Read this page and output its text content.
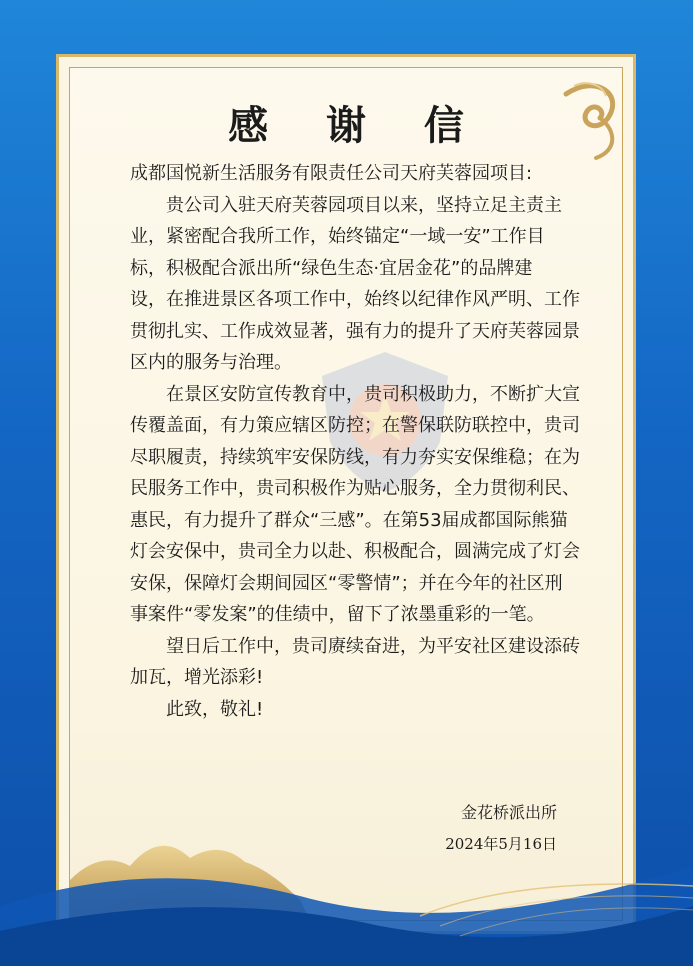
感 谢 信
成都国悦新生活服务有限责任公司天府芙蓉园项目:
贵公司入驻天府芙蓉园项目以来，坚持立足主责主
业，紧密配合我所工作，始终锚定“一域一安”工作目
标，积极配合派出所“绿色生态·宜居金花”的品牌建
设，在推进景区各项工作中，始终以纪律作风严明、工作
贯彻扎实、工作成效显著，强有力的提升了天府芙蓉园景
区内的服务与治理。
在景区安防宣传教育中，贵司积极助力，不断扩大宣
传覆盖面，有力策应辖区防控；在警保联防联控中，贵司
尽职履责，持续筑牢安保防线，有力夯实安保维稳；在为
民服务工作中，贵司积极作为贴心服务，全力贯彻利民、
惠民，有力提升了群众“三感”。在第53届成都国际熊猫
灯会安保中，贵司全力以赴、积极配合，圆满完成了灯会
安保，保障灯会期间园区“零警情”；并在今年的社区刑
事案件“零发案”的佳绩中，留下了浓墨重彩的一笔。
望日后工作中，贵司赓续奋进，为平安社区建设添砖
加瓦，增光添彩!
此致，敬礼!
金花桥派出所
2024年5月16日
